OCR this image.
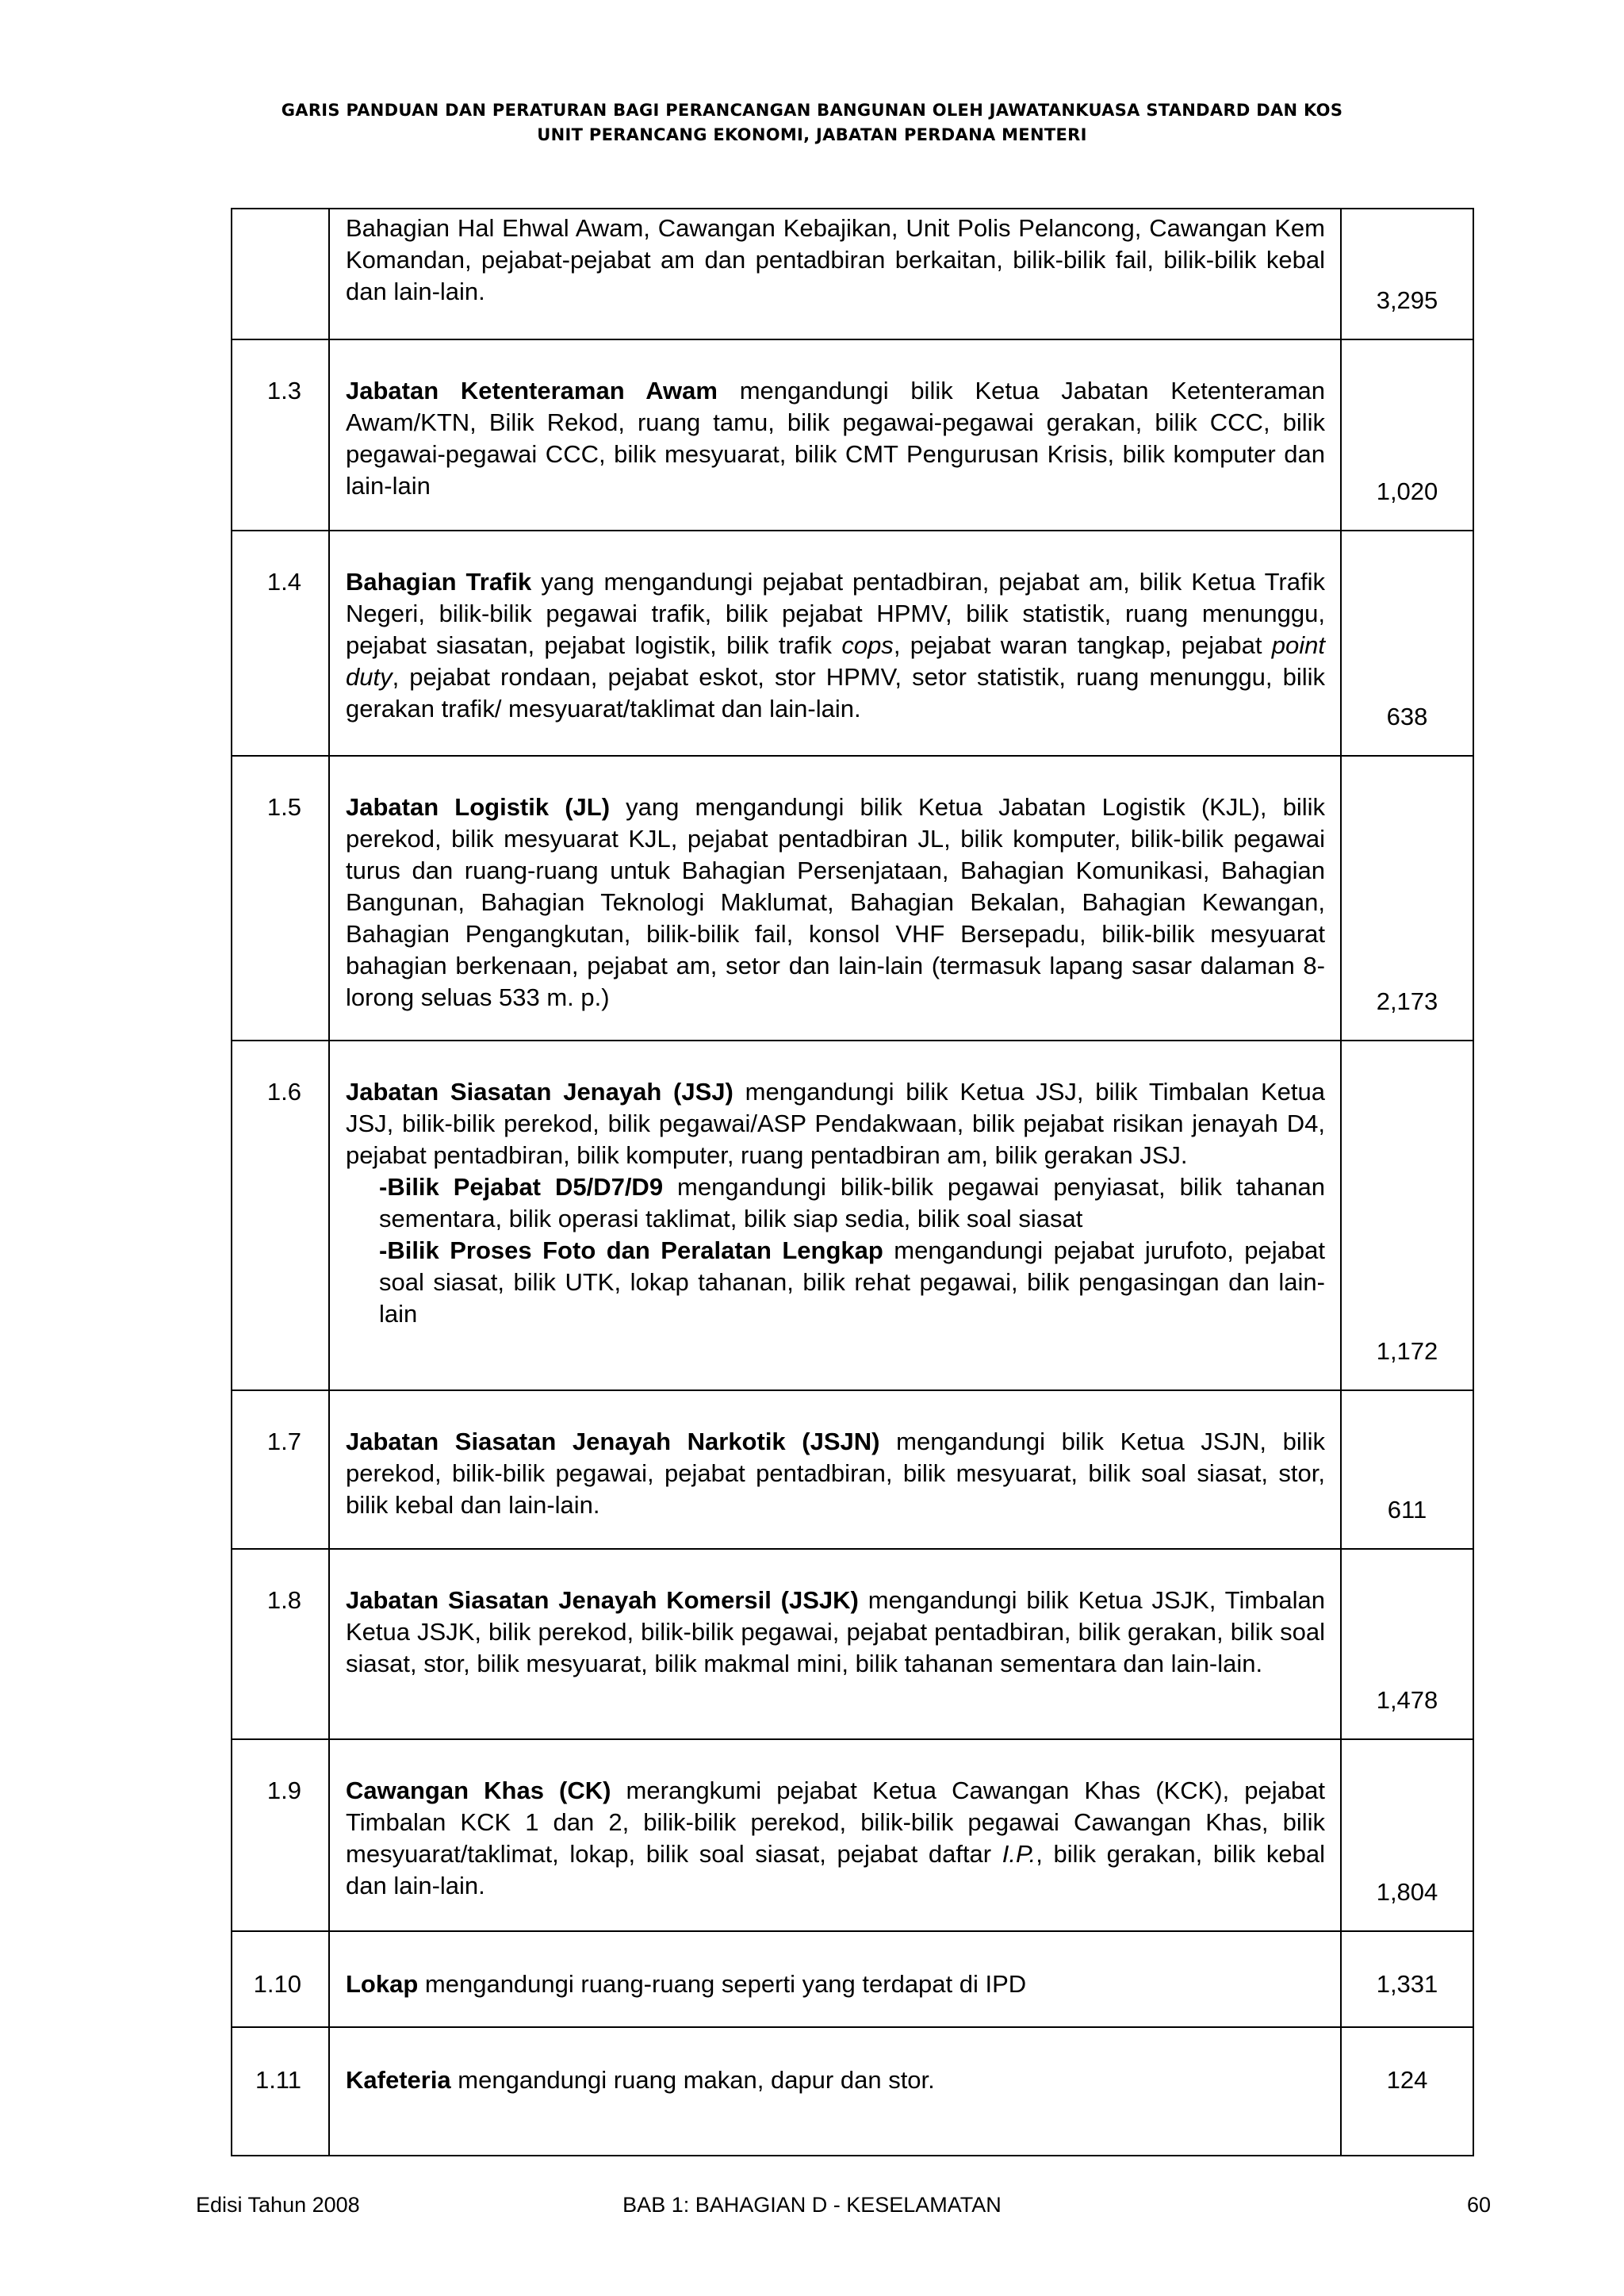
GARIS PANDUAN DAN PERATURAN BAGI PERANCANGAN BANGUNAN OLEH JAWATANKUASA STANDARD DAN KOS
UNIT PERANCANG EKONOMI, JABATAN PERDANA MENTERI

	Bahagian Hal Ehwal Awam, Cawangan Kebajikan, Unit Polis Pelancong, Cawangan Kem Komandan, pejabat-pejabat am dan pentadbiran berkaitan, bilik-bilik fail, bilik-bilik kebal dan lain-lain.	3,295
1.3	Jabatan Ketenteraman Awam mengandungi bilik Ketua Jabatan Ketenteraman Awam/KTN, Bilik Rekod, ruang tamu, bilik pegawai-pegawai gerakan, bilik CCC, bilik pegawai-pegawai CCC, bilik mesyuarat, bilik CMT Pengurusan Krisis, bilik komputer dan lain-lain	1,020
1.4	Bahagian Trafik yang mengandungi pejabat pentadbiran, pejabat am, bilik Ketua Trafik Negeri, bilik-bilik pegawai trafik, bilik pejabat HPMV, bilik statistik, ruang menunggu, pejabat siasatan, pejabat logistik, bilik trafik cops, pejabat waran tangkap, pejabat point duty, pejabat rondaan, pejabat eskot, stor HPMV, setor statistik, ruang menunggu, bilik gerakan trafik/ mesyuarat/taklimat dan lain-lain.	638
1.5	Jabatan Logistik (JL) yang mengandungi bilik Ketua Jabatan Logistik (KJL), bilik perekod, bilik mesyuarat KJL, pejabat pentadbiran JL, bilik komputer, bilik-bilik pegawai turus dan ruang-ruang untuk Bahagian Persenjataan, Bahagian Komunikasi, Bahagian Bangunan, Bahagian Teknologi Maklumat, Bahagian Bekalan, Bahagian Kewangan, Bahagian Pengangkutan, bilik-bilik fail, konsol VHF Bersepadu, bilik-bilik mesyuarat bahagian berkenaan, pejabat am, setor dan lain-lain (termasuk lapang sasar dalaman 8-lorong seluas 533 m. p.)	2,173
1.6	Jabatan Siasatan Jenayah (JSJ) mengandungi bilik Ketua JSJ, bilik Timbalan Ketua JSJ, bilik-bilik perekod, bilik pegawai/ASP Pendakwaan, bilik pejabat risikan jenayah D4, pejabat pentadbiran, bilik komputer, ruang pentadbiran am, bilik gerakan JSJ.
-Bilik Pejabat D5/D7/D9 mengandungi bilik-bilik pegawai penyiasat, bilik tahanan sementara, bilik operasi taklimat, bilik siap sedia, bilik soal siasat
-Bilik Proses Foto dan Peralatan Lengkap mengandungi pejabat jurufoto, pejabat soal siasat, bilik UTK, lokap tahanan, bilik rehat pegawai, bilik pengasingan dan lain-lain	1,172
1.7	Jabatan Siasatan Jenayah Narkotik (JSJN) mengandungi bilik Ketua JSJN, bilik perekod, bilik-bilik pegawai, pejabat pentadbiran, bilik mesyuarat, bilik soal siasat, stor, bilik kebal dan lain-lain.	611
1.8	Jabatan Siasatan Jenayah Komersil (JSJK) mengandungi bilik Ketua JSJK, Timbalan Ketua JSJK, bilik perekod, bilik-bilik pegawai, pejabat pentadbiran, bilik gerakan, bilik soal siasat, stor, bilik mesyuarat, bilik makmal mini, bilik tahanan sementara dan lain-lain.	1,478
1.9	Cawangan Khas (CK) merangkumi pejabat Ketua Cawangan Khas (KCK), pejabat Timbalan KCK 1 dan 2, bilik-bilik perekod, bilik-bilik pegawai Cawangan Khas, bilik mesyuarat/taklimat, lokap, bilik soal siasat, pejabat daftar I.P., bilik gerakan, bilik kebal dan lain-lain.	1,804
1.10	Lokap mengandungi ruang-ruang seperti yang terdapat di IPD	1,331
1.11	Kafeteria mengandungi ruang makan, dapur dan stor.	124
Edisi Tahun 2008	BAB 1: BAHAGIAN D - KESELAMATAN	60
